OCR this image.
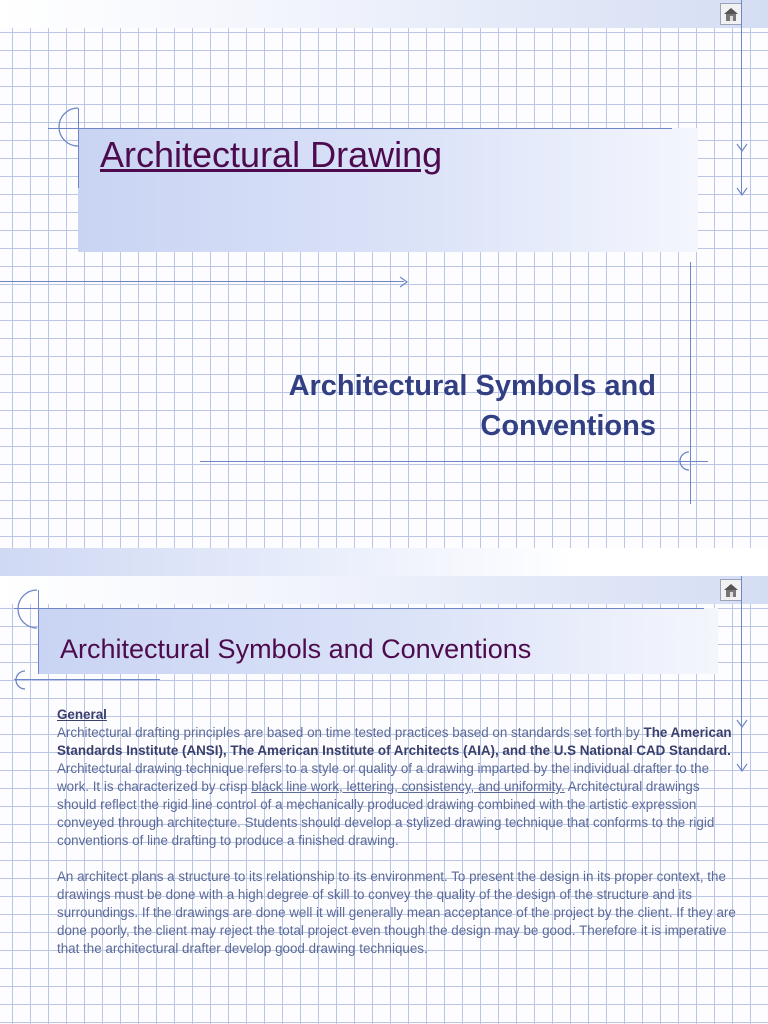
Architectural Drawing
Architectural Symbols and
Conventions
Architectural Symbols and Conventions

General
Architectural drafting principles are based on time tested practices based on standards set forth by The American Standards Institute (ANSI), The American Institute of Architects (AIA), and the U.S National CAD Standard. Architectural drawing technique refers to a style or quality of a drawing imparted by the individual drafter to the work. It is characterized by crisp black line work, lettering, consistency, and uniformity. Architectural drawings should reflect the rigid line control of a mechanically produced drawing combined with the artistic expression conveyed through architecture. Students should develop a stylized drawing technique that conforms to the rigid conventions of line drafting to produce a finished drawing.

An architect plans a structure to its relationship to its environment. To present the design in its proper context, the drawings must be done with a high degree of skill to convey the quality of the design of the structure and its surroundings. If the drawings are done well it will generally mean acceptance of the project by the client. If they are done poorly, the client may reject the total project even though the design may be good. Therefore it is imperative that the architectural drafter develop good drawing techniques.
